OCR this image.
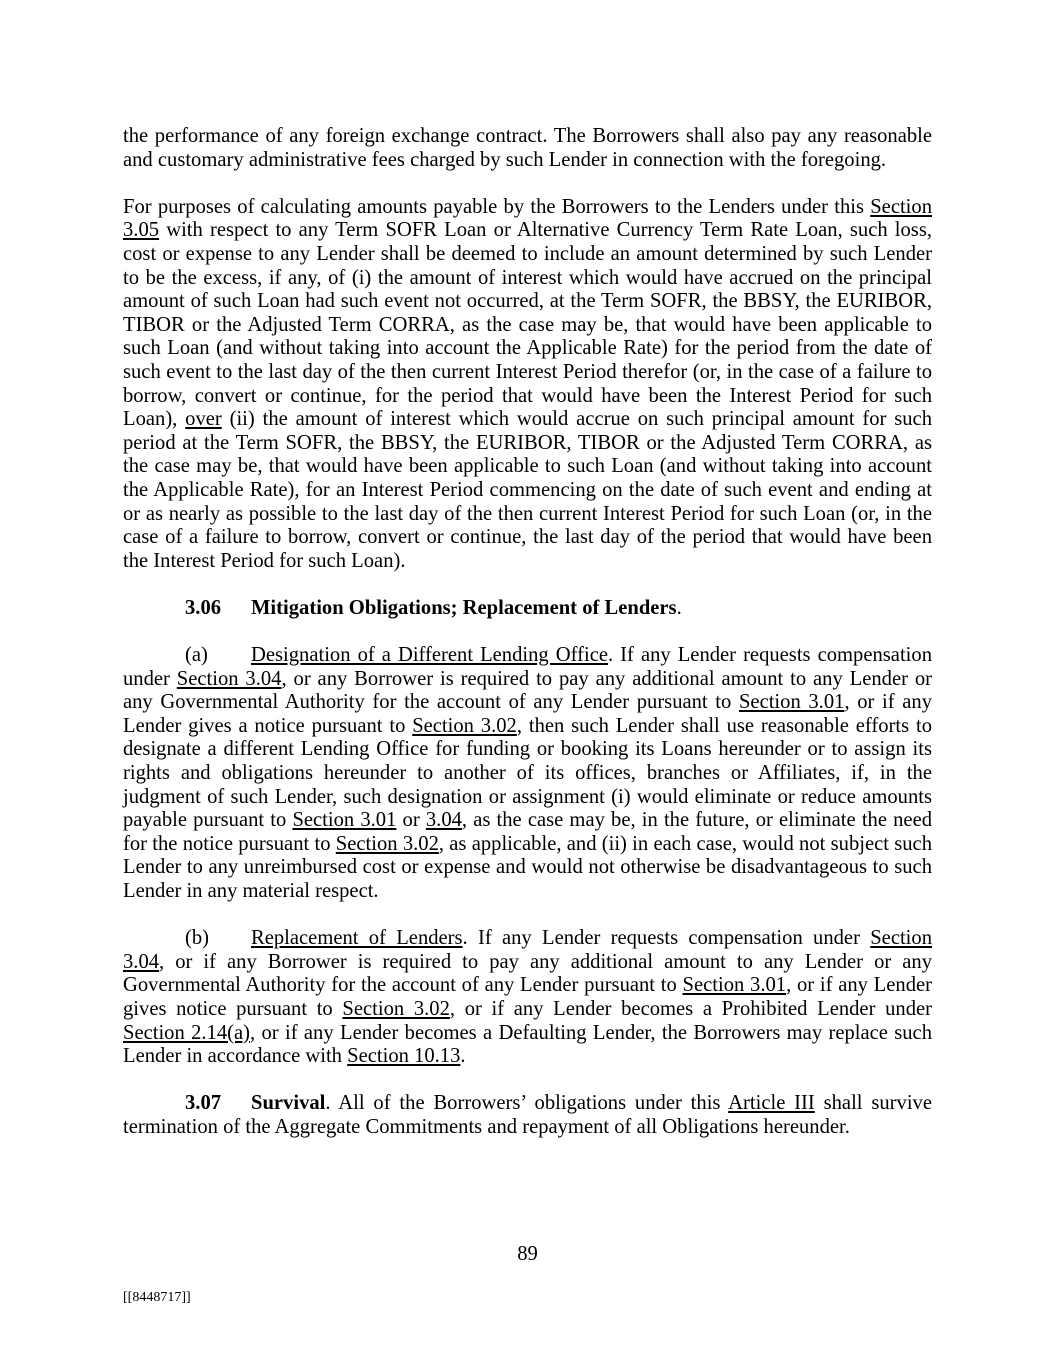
the performance of any foreign exchange contract. The Borrowers shall also pay any reasonable and customary administrative fees charged by such Lender in connection with the foregoing.

For purposes of calculating amounts payable by the Borrowers to the Lenders under this Section 3.05 with respect to any Term SOFR Loan or Alternative Currency Term Rate Loan, such loss, cost or expense to any Lender shall be deemed to include an amount determined by such Lender to be the excess, if any, of (i) the amount of interest which would have accrued on the principal amount of such Loan had such event not occurred, at the Term SOFR, the BBSY, the EURIBOR, TIBOR or the Adjusted Term CORRA, as the case may be, that would have been applicable to such Loan (and without taking into account the Applicable Rate) for the period from the date of such event to the last day of the then current Interest Period therefor (or, in the case of a failure to borrow, convert or continue, for the period that would have been the Interest Period for such Loan), over (ii) the amount of interest which would accrue on such principal amount for such period at the Term SOFR, the BBSY, the EURIBOR, TIBOR or the Adjusted Term CORRA, as the case may be, that would have been applicable to such Loan (and without taking into account the Applicable Rate), for an Interest Period commencing on the date of such event and ending at or as nearly as possible to the last day of the then current Interest Period for such Loan (or, in the case of a failure to borrow, convert or continue, the last day of the period that would have been the Interest Period for such Loan).

3.06 Mitigation Obligations; Replacement of Lenders.

(a) Designation of a Different Lending Office. If any Lender requests compensation under Section 3.04, or any Borrower is required to pay any additional amount to any Lender or any Governmental Authority for the account of any Lender pursuant to Section 3.01, or if any Lender gives a notice pursuant to Section 3.02, then such Lender shall use reasonable efforts to designate a different Lending Office for funding or booking its Loans hereunder or to assign its rights and obligations hereunder to another of its offices, branches or Affiliates, if, in the judgment of such Lender, such designation or assignment (i) would eliminate or reduce amounts payable pursuant to Section 3.01 or 3.04, as the case may be, in the future, or eliminate the need for the notice pursuant to Section 3.02, as applicable, and (ii) in each case, would not subject such Lender to any unreimbursed cost or expense and would not otherwise be disadvantageous to such Lender in any material respect.

(b) Replacement of Lenders. If any Lender requests compensation under Section 3.04, or if any Borrower is required to pay any additional amount to any Lender or any Governmental Authority for the account of any Lender pursuant to Section 3.01, or if any Lender gives notice pursuant to Section 3.02, or if any Lender becomes a Prohibited Lender under Section 2.14(a), or if any Lender becomes a Defaulting Lender, the Borrowers may replace such Lender in accordance with Section 10.13.

3.07 Survival. All of the Borrowers’ obligations under this Article III shall survive termination of the Aggregate Commitments and repayment of all Obligations hereunder.

89
[[8448717]]
